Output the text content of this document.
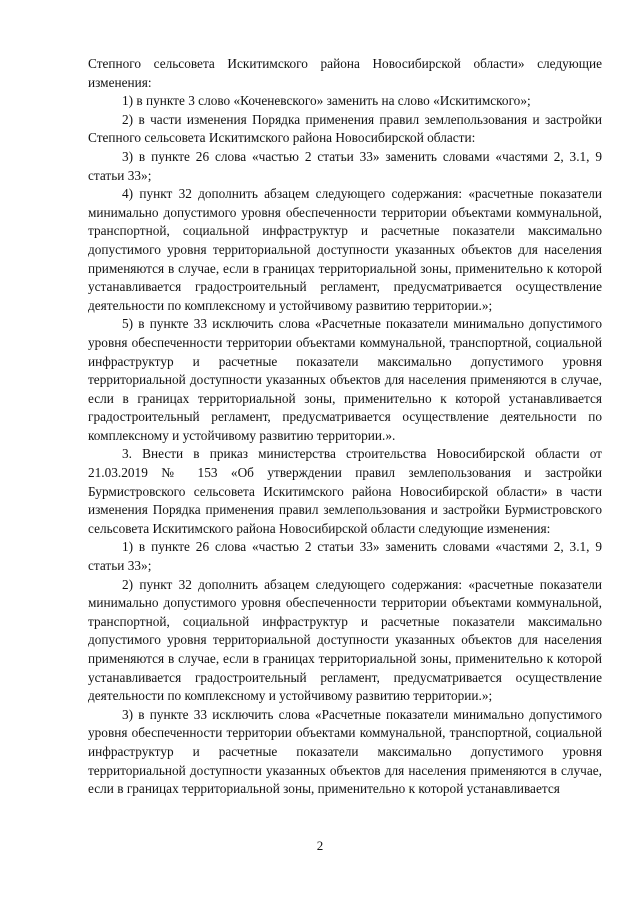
Степного сельсовета Искитимского района Новосибирской области» следующие изменения:

1) в пункте 3 слово «Коченевского» заменить на слово «Искитимского»;

2) в части изменения Порядка применения правил землепользования и застройки Степного сельсовета Искитимского района Новосибирской области:

3) в пункте 26 слова «частью 2 статьи 33» заменить словами «частями 2, 3.1, 9 статьи 33»;

4) пункт 32 дополнить абзацем следующего содержания: «расчетные показатели минимально допустимого уровня обеспеченности территории объектами коммунальной, транспортной, социальной инфраструктур и расчетные показатели максимально допустимого уровня территориальной доступности указанных объектов для населения применяются в случае, если в границах территориальной зоны, применительно к которой устанавливается градостроительный регламент, предусматривается осуществление деятельности по комплексному и устойчивому развитию территории.»;

5) в пункте 33 исключить слова «Расчетные показатели минимально допустимого уровня обеспеченности территории объектами коммунальной, транспортной, социальной инфраструктур и расчетные показатели максимально допустимого уровня территориальной доступности указанных объектов для населения применяются в случае, если в границах территориальной зоны, применительно к которой устанавливается градостроительный регламент, предусматривается осуществление деятельности по комплексному и устойчивому развитию территории.».

3. Внести в приказ министерства строительства Новосибирской области от 21.03.2019 № 153 «Об утверждении правил землепользования и застройки Бурмистровского сельсовета Искитимского района Новосибирской области» в части изменения Порядка применения правил землепользования и застройки Бурмистровского сельсовета Искитимского района Новосибирской области следующие изменения:

1) в пункте 26 слова «частью 2 статьи 33» заменить словами «частями 2, 3.1, 9 статьи 33»;

2) пункт 32 дополнить абзацем следующего содержания: «расчетные показатели минимально допустимого уровня обеспеченности территории объектами коммунальной, транспортной, социальной инфраструктур и расчетные показатели максимально допустимого уровня территориальной доступности указанных объектов для населения применяются в случае, если в границах территориальной зоны, применительно к которой устанавливается градостроительный регламент, предусматривается осуществление деятельности по комплексному и устойчивому развитию территории.»;

3) в пункте 33 исключить слова «Расчетные показатели минимально допустимого уровня обеспеченности территории объектами коммунальной, транспортной, социальной инфраструктур и расчетные показатели максимально допустимого уровня территориальной доступности указанных объектов для населения применяются в случае, если в границах территориальной зоны, применительно к которой устанавливается

2
